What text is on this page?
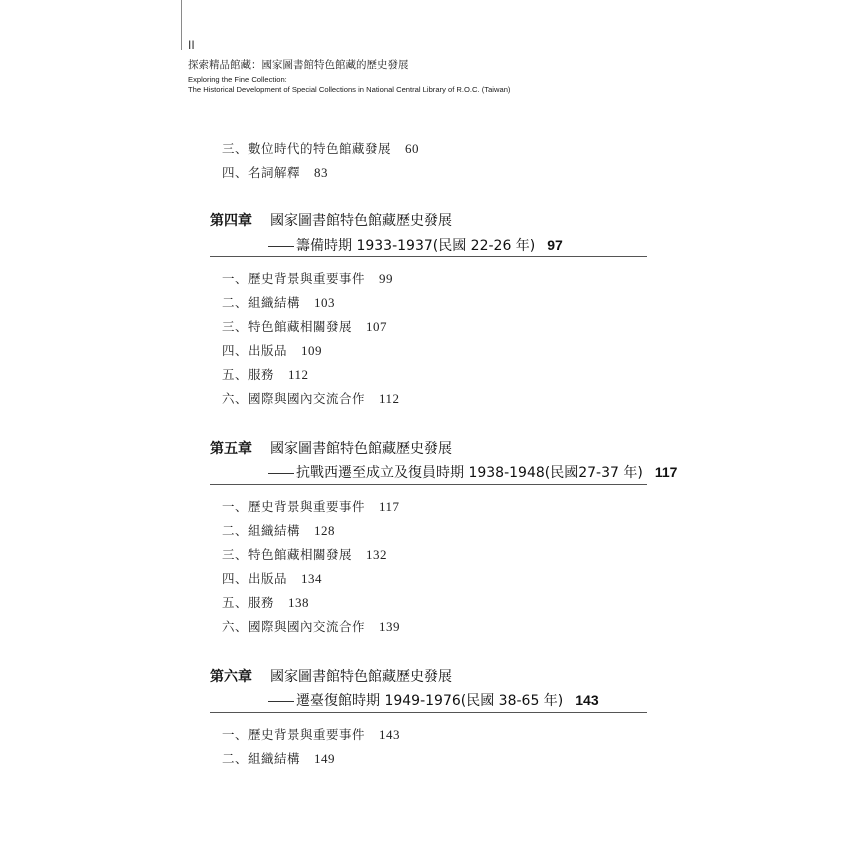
II
探索精品館藏：國家圖書館特色館藏的歷史發展
Exploring the Fine Collection:
The Historical Development of Special Collections in National Central Library of R.O.C. (Taiwan)
三、數位時代的特色館藏發展 60
四、名詞解釋 83
第四章 國家圖書館特色館藏歷史發展
籌備時期 1933-1937(民國 22-26 年) 97
一、歷史背景與重要事件 99
二、組織結構 103
三、特色館藏相關發展 107
四、出版品 109
五、服務 112
六、國際與國內交流合作 112
第五章 國家圖書館特色館藏歷史發展
抗戰西遷至成立及復員時期 1938-1948(民國27-37 年) 117
一、歷史背景與重要事件 117
二、組織結構 128
三、特色館藏相關發展 132
四、出版品 134
五、服務 138
六、國際與國內交流合作 139
第六章 國家圖書館特色館藏歷史發展
遷臺復館時期 1949-1976(民國 38-65 年) 143
一、歷史背景與重要事件 143
二、組織結構 149
